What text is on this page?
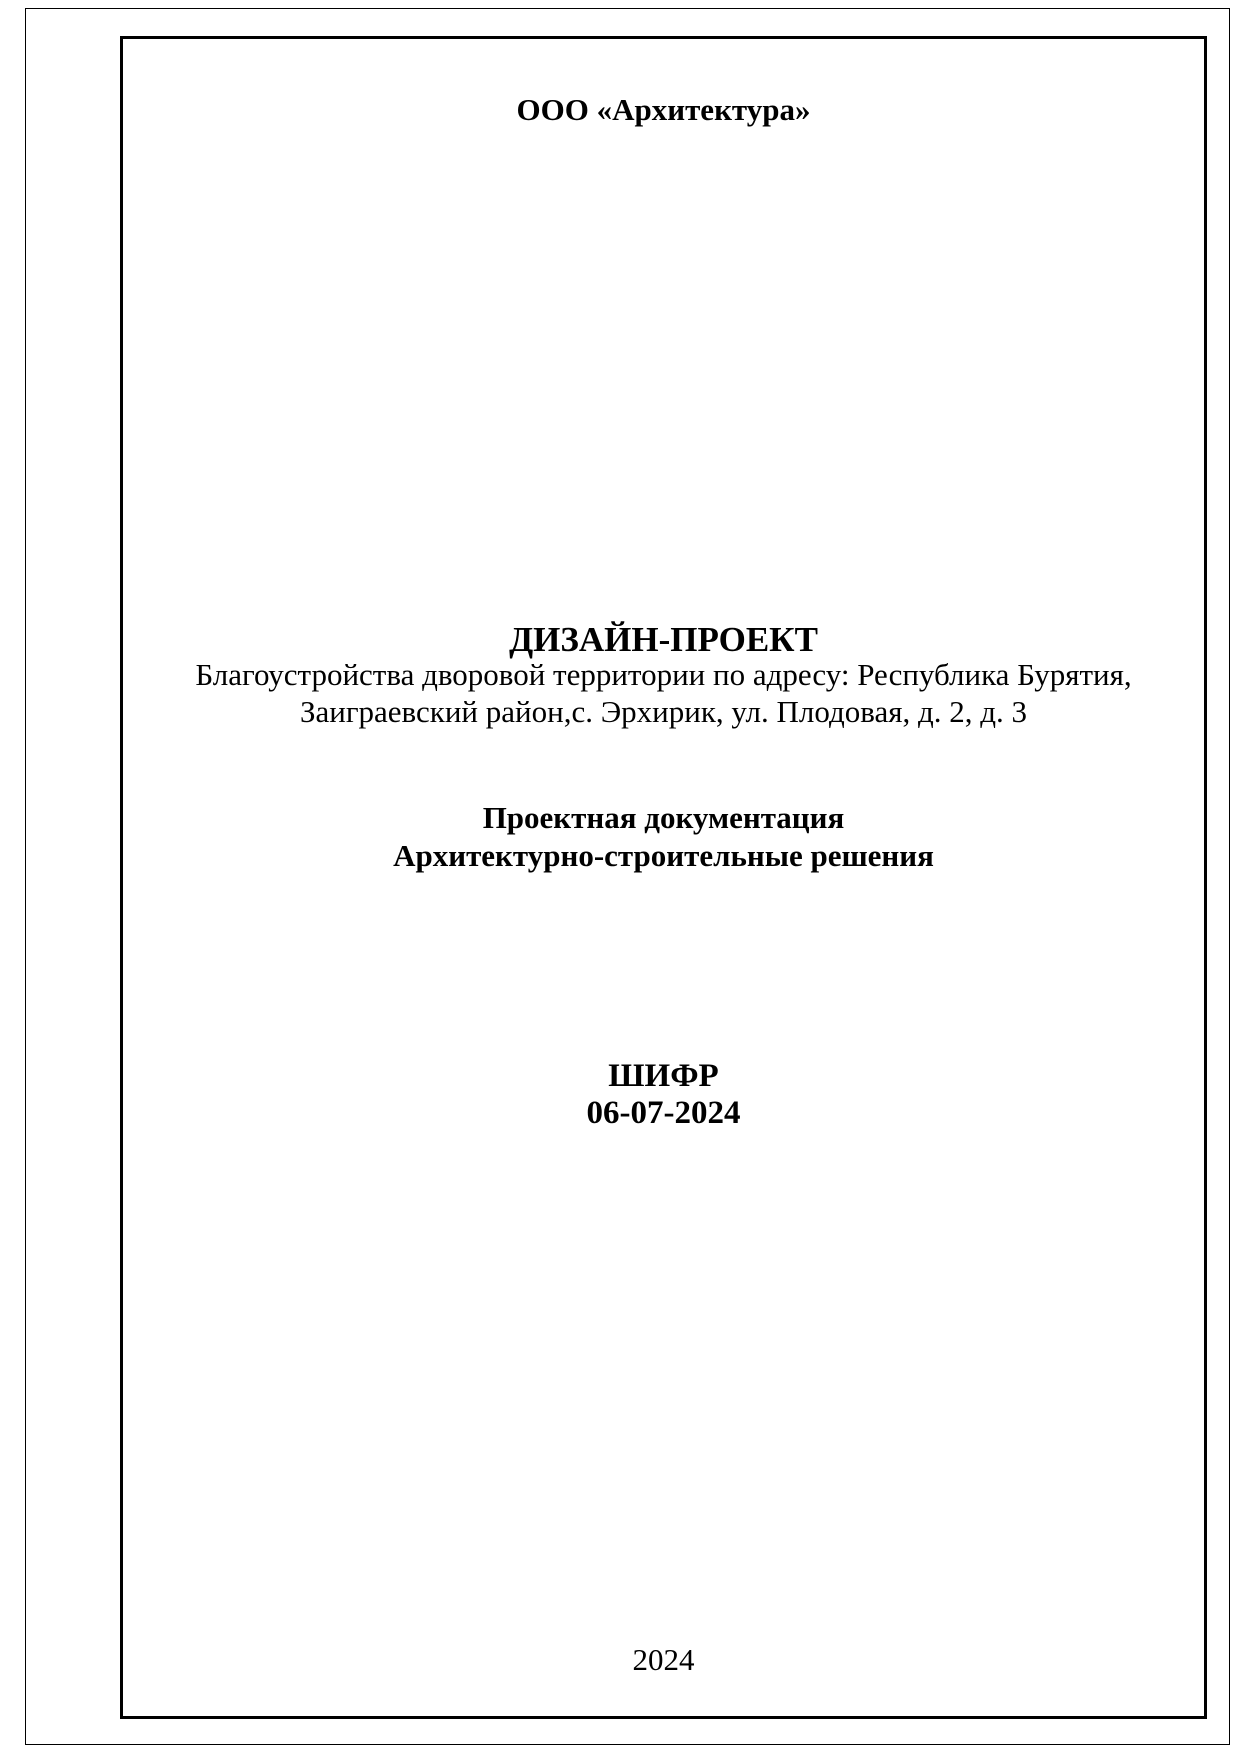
ООО «Архитектура»
ДИЗАЙН-ПРОЕКТ
Благоустройства дворовой территории по адресу: Республика Бурятия,
Заиграевский район,с. Эрхирик, ул. Плодовая, д. 2, д. 3
Проектная документация
Архитектурно-строительные решения
ШИФР
06-07-2024
2024
